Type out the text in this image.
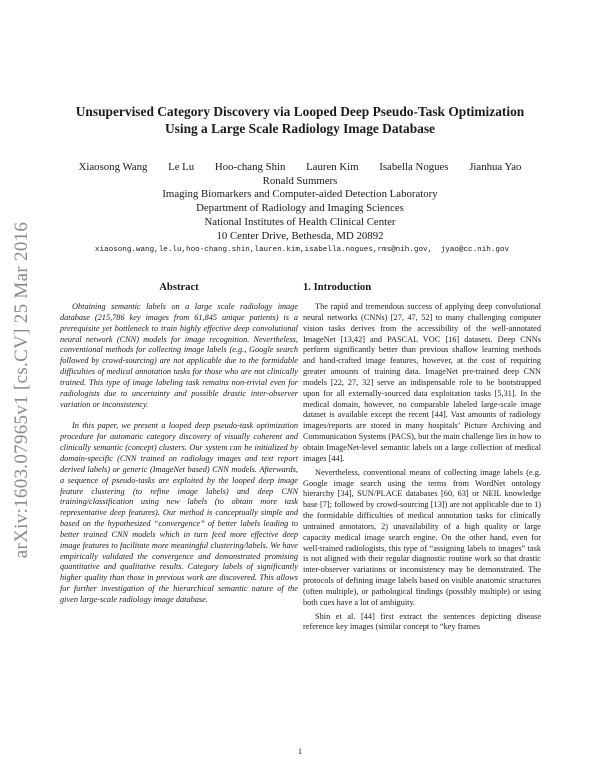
arXiv:1603.07965v1 [cs.CV] 25 Mar 2016
Unsupervised Category Discovery via Looped Deep Pseudo-Task Optimization
Using a Large Scale Radiology Image Database
Xiaosong Wang Le Lu Hoo-chang Shin Lauren Kim Isabella Nogues Jianhua Yao
Ronald Summers
Imaging Biomarkers and Computer-aided Detection Laboratory
Department of Radiology and Imaging Sciences
National Institutes of Health Clinical Center
10 Center Drive, Bethesda, MD 20892
xiaosong.wang,le.lu,hoo-chang.shin,lauren.kim,isabella.nogues,rms@nih.gov, jyao@cc.nih.gov
Abstract

Obtaining semantic labels on a large scale radiology image database (215,786 key images from 61,845 unique patients) is a prerequisite yet bottleneck to train highly effective deep convolutional neural network (CNN) models for image recognition. Nevertheless, conventional methods for collecting image labels (e.g., Google search followed by crowd-sourcing) are not applicable due to the formidable difficulties of medical annotation tasks for those who are not clinically trained. This type of image labeling task remains non-trivial even for radiologists due to uncertainty and possible drastic inter-observer variation or inconsistency.

In this paper, we present a looped deep pseudo-task optimization procedure for automatic category discovery of visually coherent and clinically semantic (concept) clusters. Our system can be initialized by domain-specific (CNN trained on radiology images and text report derived labels) or generic (ImageNet based) CNN models. Afterwards, a sequence of pseudo-tasks are exploited by the looped deep image feature clustering (to refine image labels) and deep CNN training/classification using new labels (to obtain more task representative deep features). Our method is conceptually simple and based on the hypothesized “convergence” of better labels leading to better trained CNN models which in turn feed more effective deep image features to facilitate more meaningful clustering/labels. We have empirically validated the convergence and demonstrated promising quantitative and qualitative results. Category labels of significantly higher quality than those in previous work are discovered. This allows for further investigation of the hierarchical semantic nature of the given large-scale radiology image database.

1. Introduction

The rapid and tremendous success of applying deep convolutional neural networks (CNNs) [27, 47, 52] to many challenging computer vision tasks derives from the accessibility of the well-annotated ImageNet [13,42] and PASCAL VOC [16] datasets. Deep CNNs perform significantly better than previous shallow learning methods and hand-crafted image features, however, at the cost of requiring greater amounts of training data. ImageNet pre-trained deep CNN models [22, 27, 32] serve an indispensable role to be bootstrapped upon for all externally-sourced data exploitation tasks [5,31]. In the medical domain, however, no comparable labeled large-scale image dataset is available except the recent [44]. Vast amounts of radiology images/reports are stored in many hospitals’ Picture Archiving and Communication Systems (PACS), but the main challenge lies in how to obtain ImageNet-level semantic labels on a large collection of medical images [44].

Nevertheless, conventional means of collecting image labels (e.g. Google image search using the terms from WordNet ontology hierarchy [34], SUN/PLACE databases [60, 63] or NEIL knowledge base [7]; followed by crowd-sourcing [13]) are not applicable due to 1) the formidable difficulties of medical annotation tasks for clinically untrained annotators, 2) unavailability of a high quality or large capacity medical image search engine. On the other hand, even for well-trained radiologists, this type of “assigning labels to images” task is not aligned with their regular diagnostic routine work so that drastic inter-observer variations or inconsistency may be demonstrated. The protocols of defining image labels based on visible anatomic structures (often multiple), or pathological findings (possibly multiple) or using both cues have a lot of ambiguity.

Shin et al. [44] first extract the sentences depicting disease reference key images (similar concept to “key frames

1
